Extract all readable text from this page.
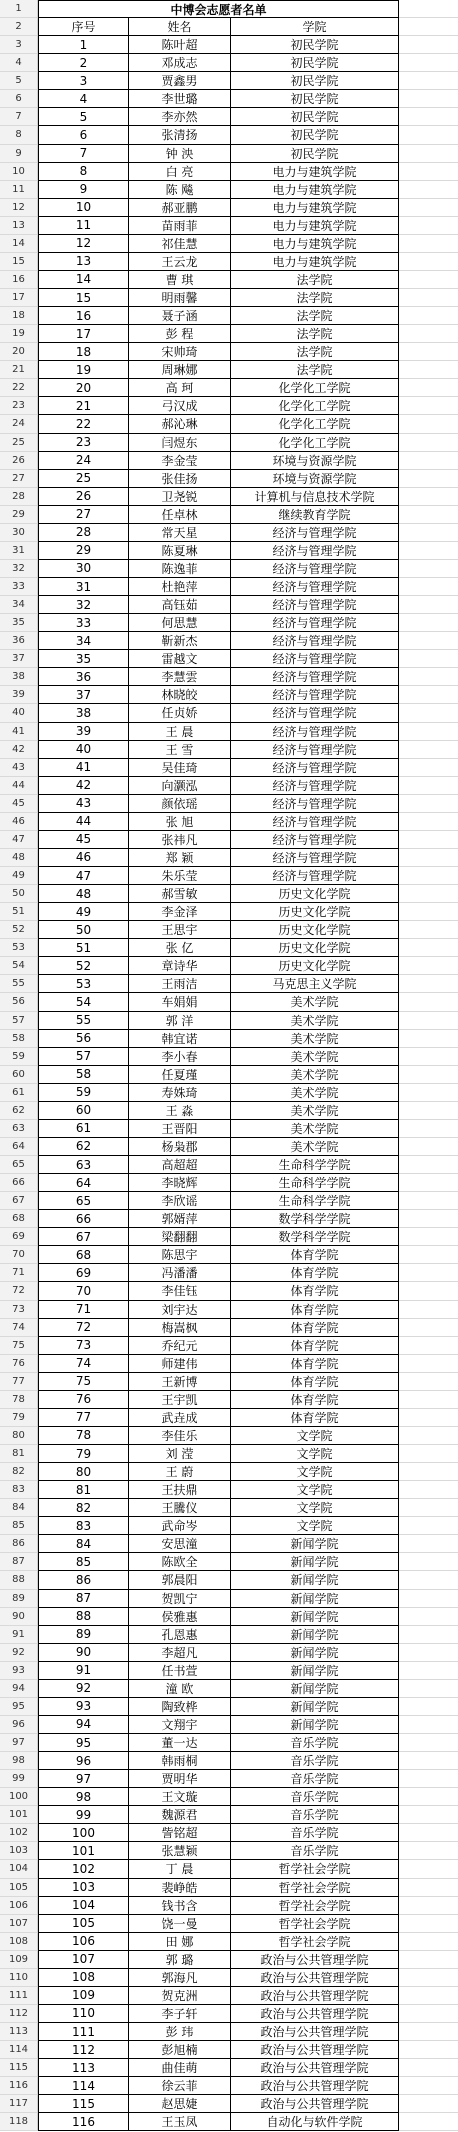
1	中博会志愿者名单
2	序号	姓名	学院
3	1	陈叶超	初民学院
4	2	邓成志	初民学院
5	3	贾鑫男	初民学院
6	4	李世璐	初民学院
7	5	李亦然	初民学院
8	6	张清扬	初民学院
9	7	钟 泱	初民学院
10	8	白 亮	电力与建筑学院
11	9	陈 飚	电力与建筑学院
12	10	郝亚鹏	电力与建筑学院
13	11	苗雨菲	电力与建筑学院
14	12	祁佳慧	电力与建筑学院
15	13	王云龙	电力与建筑学院
16	14	曹 琪	法学院
17	15	明雨馨	法学院
18	16	聂子涵	法学院
19	17	彭 程	法学院
20	18	宋帅琦	法学院
21	19	周琳娜	法学院
22	20	高 珂	化学化工学院
23	21	弓汉成	化学化工学院
24	22	郝沁琳	化学化工学院
25	23	闫煜东	化学化工学院
26	24	李金莹	环境与资源学院
27	25	张佳扬	环境与资源学院
28	26	卫尧锐	计算机与信息技术学院
29	27	任卓林	继续教育学院
30	28	常天星	经济与管理学院
31	29	陈夏琳	经济与管理学院
32	30	陈逸菲	经济与管理学院
33	31	杜艳萍	经济与管理学院
34	32	高钰茹	经济与管理学院
35	33	何思慧	经济与管理学院
36	34	靳新杰	经济与管理学院
37	35	雷越文	经济与管理学院
38	36	李慧雲	经济与管理学院
39	37	林晓皎	经济与管理学院
40	38	任贞娇	经济与管理学院
41	39	王 晨	经济与管理学院
42	40	王 雪	经济与管理学院
43	41	吴佳琦	经济与管理学院
44	42	向灏泓	经济与管理学院
45	43	颜依瑶	经济与管理学院
46	44	张 旭	经济与管理学院
47	45	张祎凡	经济与管理学院
48	46	郑 颖	经济与管理学院
49	47	朱乐莹	经济与管理学院
50	48	郝雪敏	历史文化学院
51	49	李金泽	历史文化学院
52	50	王思宇	历史文化学院
53	51	张 亿	历史文化学院
54	52	章诗华	历史文化学院
55	53	王雨洁	马克思主义学院
56	54	车娟娟	美术学院
57	55	郭 洋	美术学院
58	56	韩宜诺	美术学院
59	57	李小春	美术学院
60	58	任夏瑾	美术学院
61	59	寿姝琦	美术学院
62	60	王 淼	美术学院
63	61	王晋阳	美术学院
64	62	杨枭郡	美术学院
65	63	高超超	生命科学学院
66	64	李晓辉	生命科学学院
67	65	李欣谣	生命科学学院
68	66	郭婿萍	数学科学学院
69	67	梁翻翻	数学科学学院
70	68	陈思宇	体育学院
71	69	冯潘潘	体育学院
72	70	李佳钰	体育学院
73	71	刘宇达	体育学院
74	72	梅嵩枫	体育学院
75	73	乔纪元	体育学院
76	74	师建伟	体育学院
77	75	王新博	体育学院
78	76	王宇凯	体育学院
79	77	武垚成	体育学院
80	78	李佳乐	文学院
81	79	刘 滢	文学院
82	80	王 蔚	文学院
83	81	王扶鼎	文学院
84	82	王騰仪	文学院
85	83	武命岑	文学院
86	84	安思潼	新闻学院
87	85	陈欧全	新闻学院
88	86	郭晨阳	新闻学院
89	87	贺凯宁	新闻学院
90	88	侯雅惠	新闻学院
91	89	孔恩惠	新闻学院
92	90	李超凡	新闻学院
93	91	任书萱	新闻学院
94	92	潼 欧	新闻学院
95	93	陶致桦	新闻学院
96	94	文翔宇	新闻学院
97	95	董一达	音乐学院
98	96	韩雨桐	音乐学院
99	97	贾明华	音乐学院
100	98	王文璇	音乐学院
101	99	魏源君	音乐学院
102	100	訾铭超	音乐学院
103	101	张慧颖	音乐学院
104	102	丁 晨	哲学社会学院
105	103	裴峥皓	哲学社会学院
106	104	钱书含	哲学社会学院
107	105	饶一曼	哲学社会学院
108	106	田 娜	哲学社会学院
109	107	郭 璐	政治与公共管理学院
110	108	郭海凡	政治与公共管理学院
111	109	贺克洲	政治与公共管理学院
112	110	李子轩	政治与公共管理学院
113	111	彭 玮	政治与公共管理学院
114	112	彭旭楠	政治与公共管理学院
115	113	曲佳萌	政治与公共管理学院
116	114	徐云菲	政治与公共管理学院
117	115	赵思婕	政治与公共管理学院
118	116	王玉凤	自动化与软件学院
